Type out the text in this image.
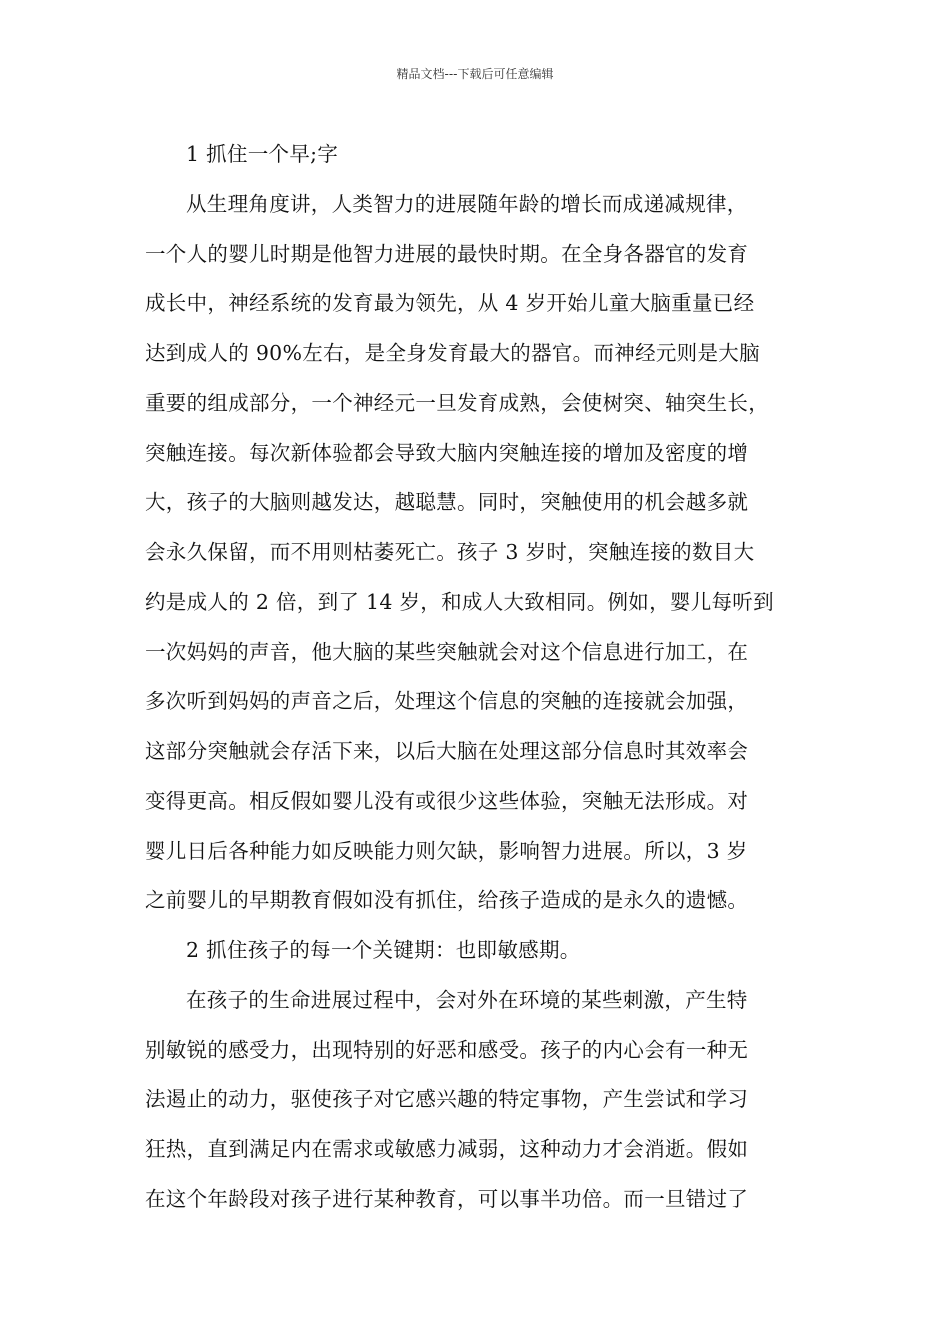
精品文档---下载后可任意编辑

1 抓住一个早;字

从生理角度讲，人类智力的进展随年龄的增长而成递减规律，
一个人的婴儿时期是他智力进展的最快时期。在全身各器官的发育
成长中，神经系统的发育最为领先，从 4 岁开始儿童大脑重量已经
达到成人的 90%左右，是全身发育最大的器官。而神经元则是大脑
重要的组成部分，一个神经元一旦发育成熟，会使树突、轴突生长，
突触连接。每次新体验都会导致大脑内突触连接的增加及密度的增
大，孩子的大脑则越发达，越聪慧。同时，突触使用的机会越多就
会永久保留，而不用则枯萎死亡。孩子 3 岁时，突触连接的数目大
约是成人的 2 倍，到了 14 岁，和成人大致相同。例如，婴儿每听到
一次妈妈的声音，他大脑的某些突触就会对这个信息进行加工，在
多次听到妈妈的声音之后，处理这个信息的突触的连接就会加强，
这部分突触就会存活下来，以后大脑在处理这部分信息时其效率会
变得更高。相反假如婴儿没有或很少这些体验，突触无法形成。对
婴儿日后各种能力如反映能力则欠缺，影响智力进展。所以，3 岁
之前婴儿的早期教育假如没有抓住，给孩子造成的是永久的遗憾。

2 抓住孩子的每一个关键期：也即敏感期。

在孩子的生命进展过程中，会对外在环境的某些刺激，产生特
别敏锐的感受力，出现特别的好恶和感受。孩子的内心会有一种无
法遏止的动力，驱使孩子对它感兴趣的特定事物，产生尝试和学习
狂热，直到满足内在需求或敏感力减弱，这种动力才会消逝。假如
在这个年龄段对孩子进行某种教育，可以事半功倍。而一旦错过了
